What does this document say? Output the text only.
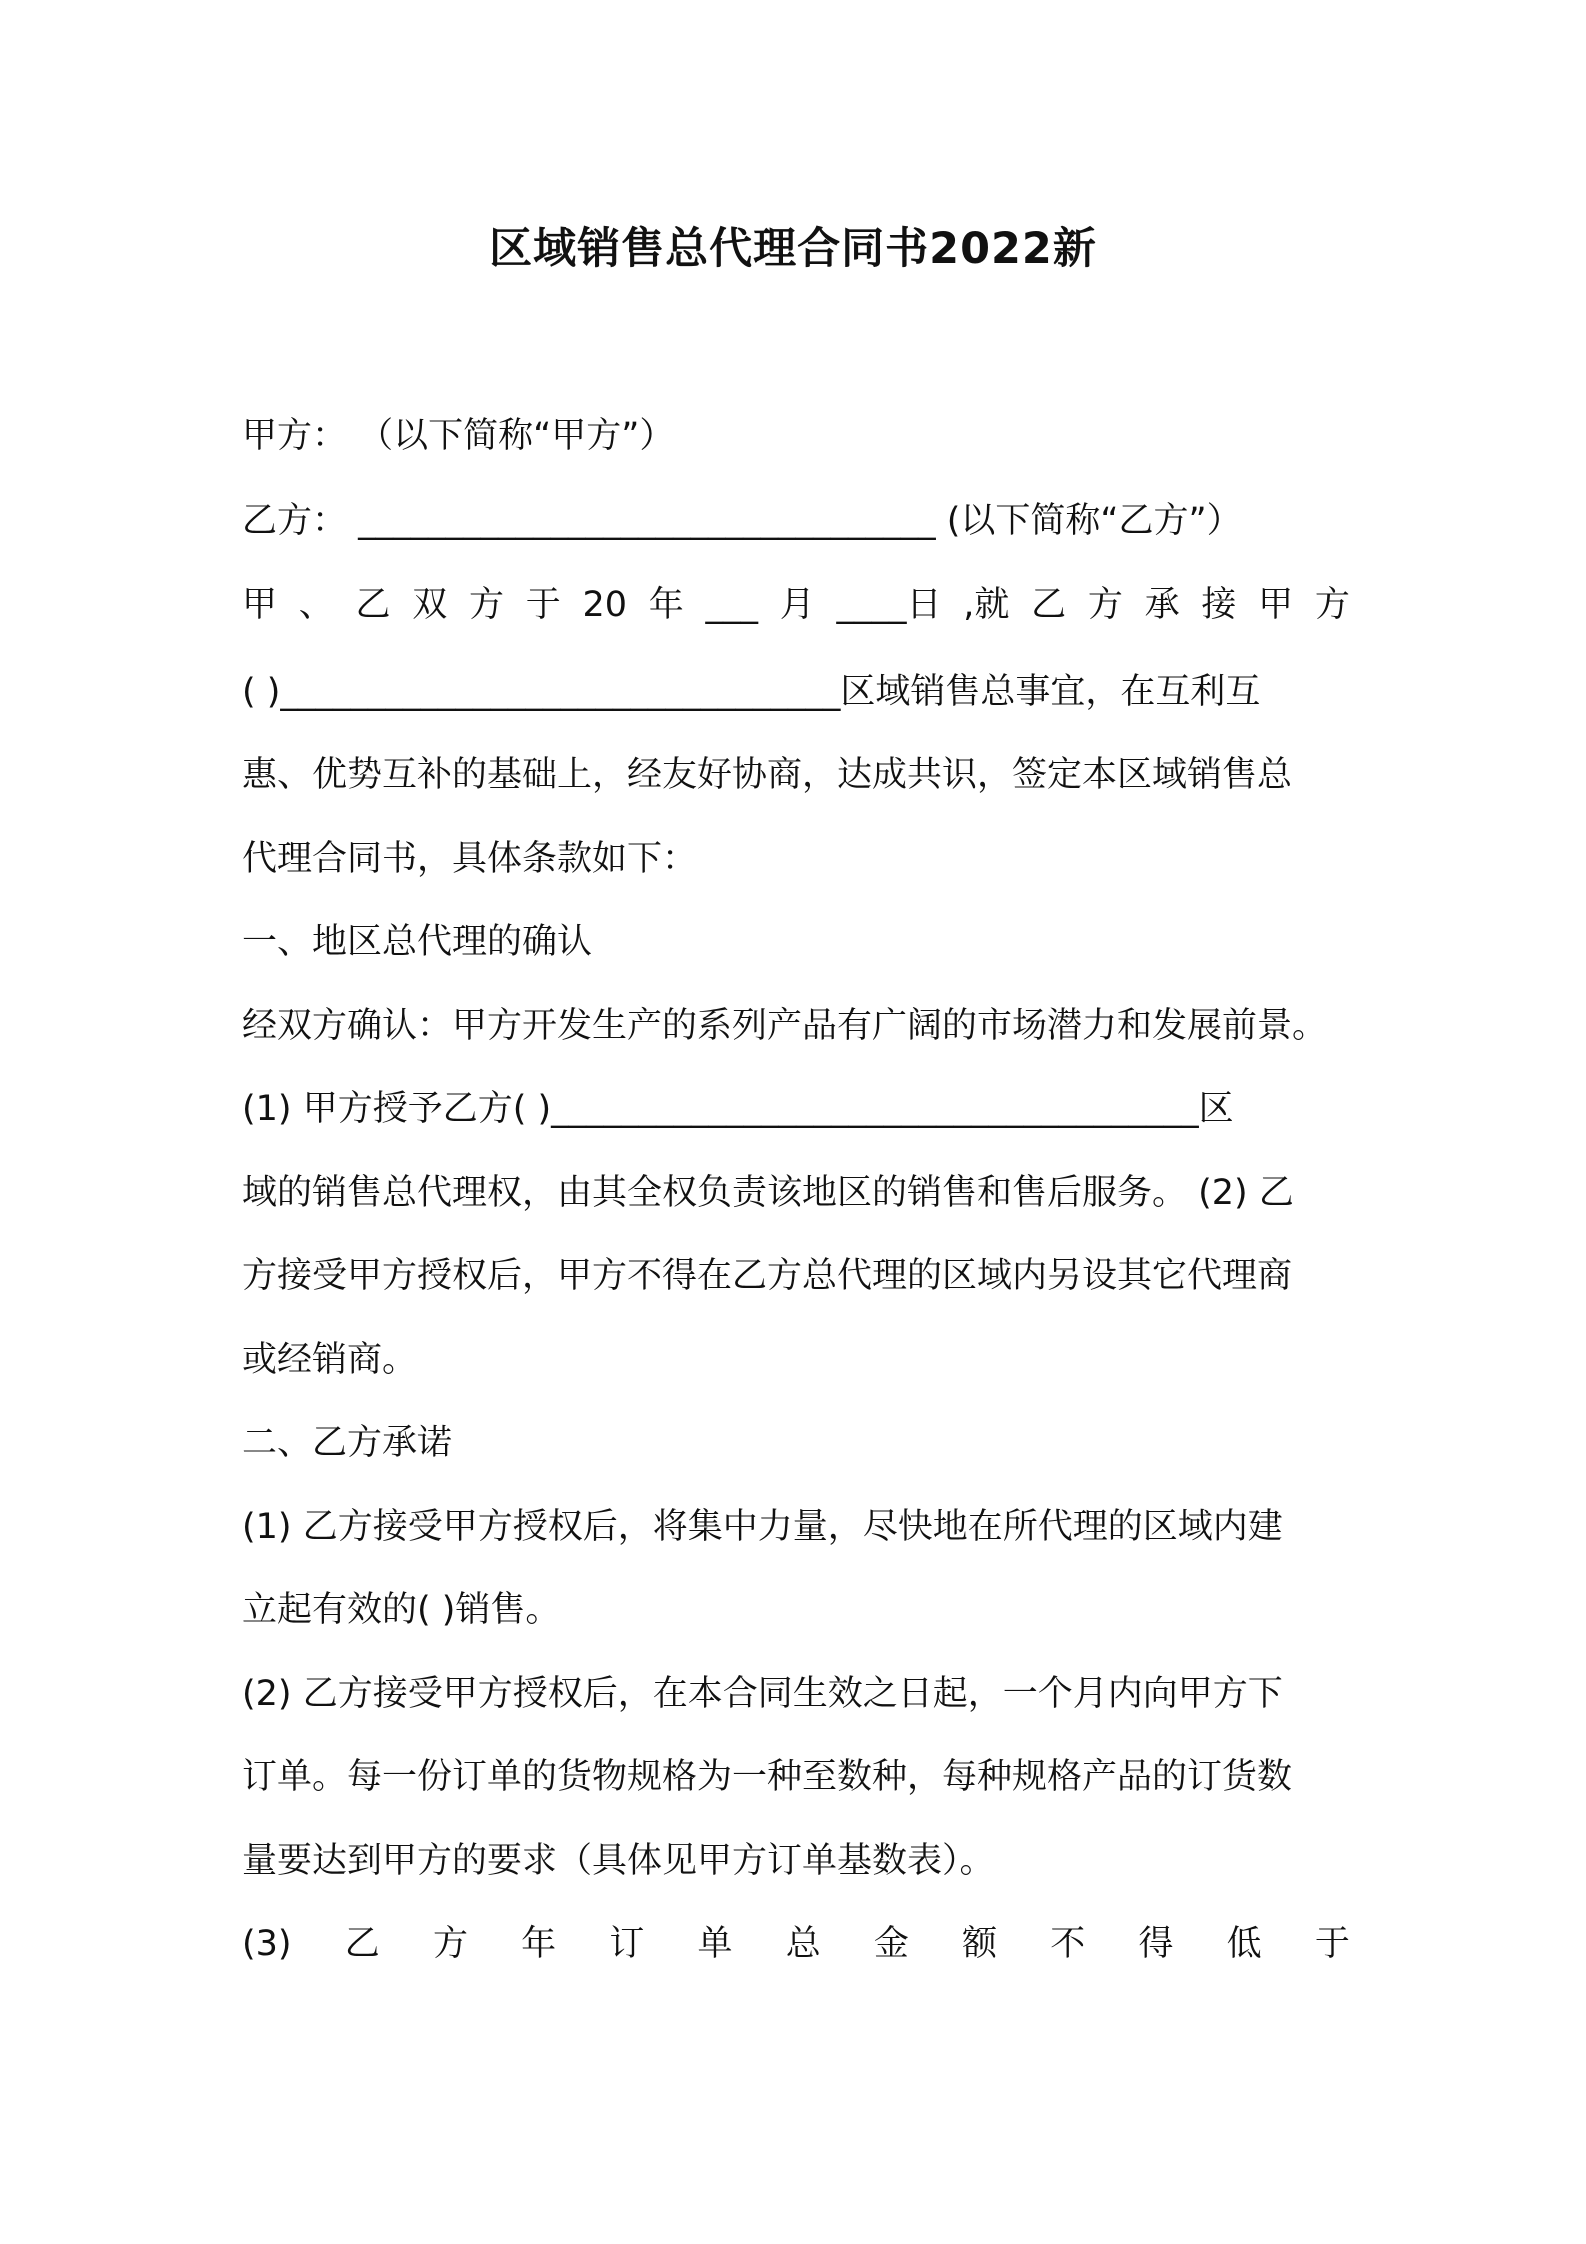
区域销售总代理合同书2022新
甲方： （以下简称“甲方”）
乙方： _________________________________ (以下简称“乙方”）
甲 、 乙 双 方 于 20 年 ___ 月 ____日 ,就 乙 方 承 接 甲 方
( )________________________________区域销售总事宜，在互利互
惠、优势互补的基础上，经友好协商，达成共识，签定本区域销售总
代理合同书，具体条款如下：
一、地区总代理的确认
经双方确认：甲方开发生产的系列产品有广阔的市场潜力和发展前景。
(1) 甲方授予乙方( )_____________________________________区
域的销售总代理权，由其全权负责该地区的销售和售后服务。 (2) 乙
方接受甲方授权后，甲方不得在乙方总代理的区域内另设其它代理商
或经销商。
二、乙方承诺
(1) 乙方接受甲方授权后，将集中力量，尽快地在所代理的区域内建
立起有效的( )销售。
(2) 乙方接受甲方授权后，在本合同生效之日起，一个月内向甲方下
订单。每一份订单的货物规格为一种至数种，每种规格产品的订货数
量要达到甲方的要求（具体见甲方订单基数表）。
(3) 乙 方 年 订 单 总 金 额 不 得 低 于
